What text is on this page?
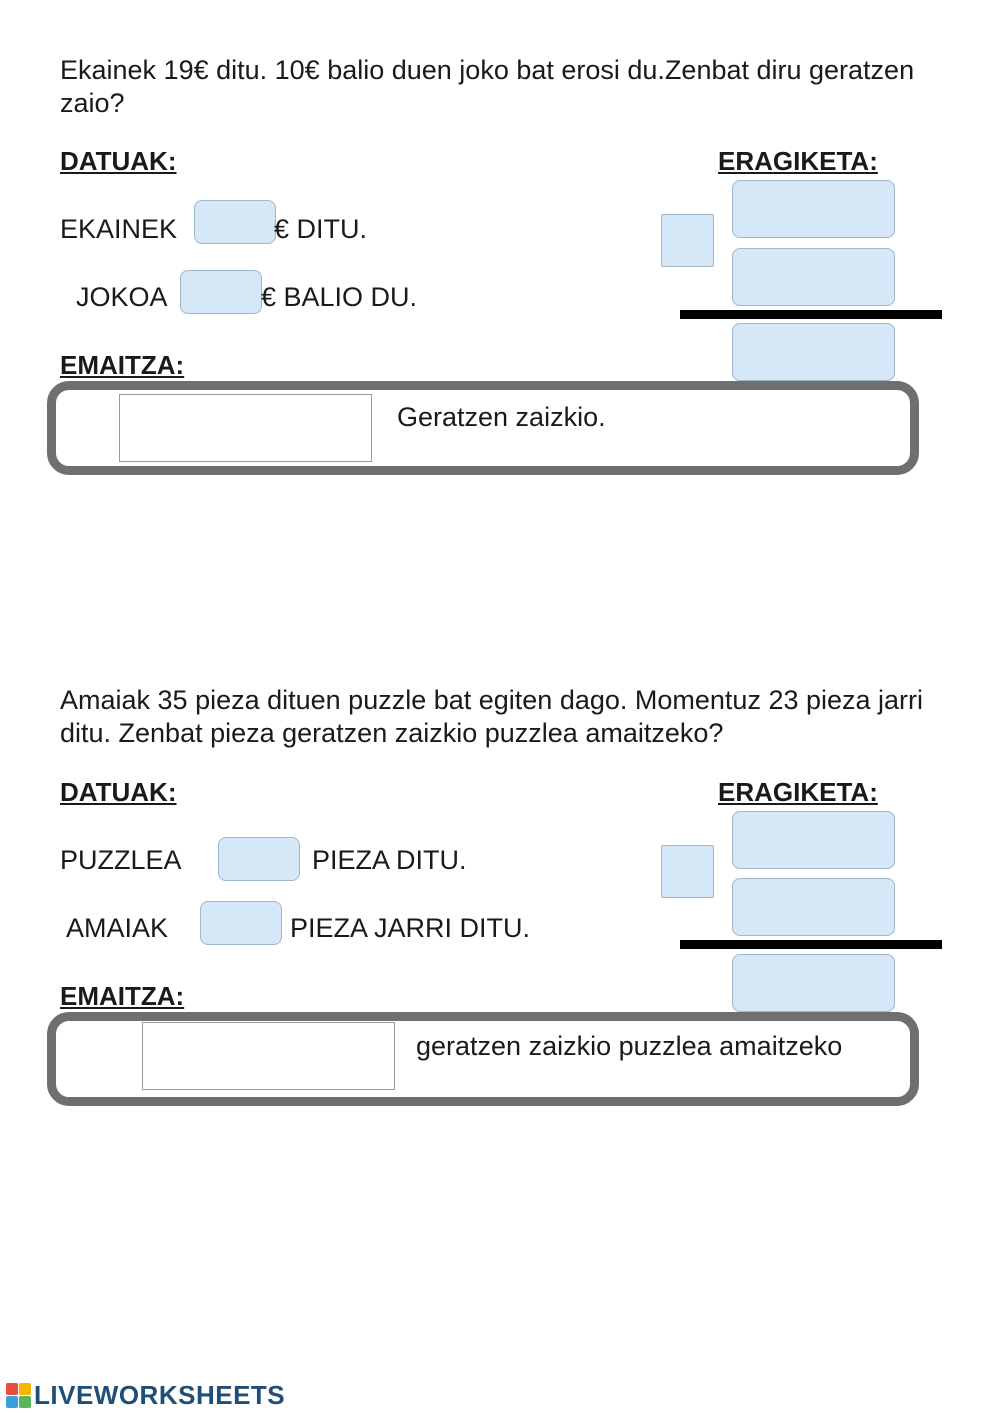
Ekainek 19€ ditu. 10€ balio duen joko bat erosi du.Zenbat diru geratzen zaio?

DATUAK:	ERAGIKETA:
EKAINEK	€ DITU.
JOKOA	€ BALIO DU.
EMAITZA:
Geratzen zaizkio.

Amaiak 35 pieza dituen puzzle bat egiten dago. Momentuz 23 pieza jarri ditu. Zenbat pieza geratzen zaizkio puzzlea amaitzeko?

DATUAK:	ERAGIKETA:
PUZZLEA	PIEZA DITU.
AMAIAK	PIEZA JARRI DITU.
EMAITZA:
geratzen zaizkio puzzlea amaitzeko
LIVEWORKSHEETS
